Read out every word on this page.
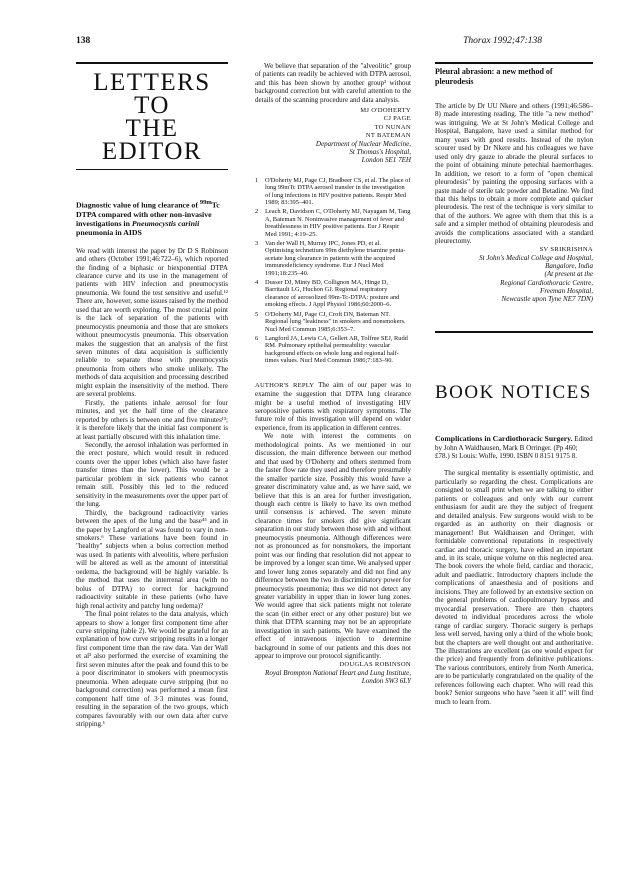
138	Thorax 1992;47:138
LETTERS TO
THE EDITOR
Diagnostic value of lung clearance of $^{99m}$Tc DTPA compared with other non-invasive investigations in Pneumocystis carinii pneumonia in AIDS

We read with interest the paper by Dr D S Robinson and others (October 1991;46:722–6), which reported the finding of a biphasic or biexponential DTPA clearance curve and its use in the management of patients with HIV infection and pneumocystis pneumonia. We found the test sensitive and useful.¹² There are, however, some issues raised by the method used that are worth exploring. The most crucial point is the lack of separation of the patients with pneumocystis pneumonia and those that are smokers without pneumocystis pneumonia. This observation makes the suggestion that an analysis of the first seven minutes of data acquisition is sufficiently reliable to separate those with pneumocystis pneumonia from others who smoke unlikely. The methods of data acquisition and processing described might explain the insensitivity of the method. There are several problems.

Firstly, the patients inhale aerosol for four minutes, and yet the half time of the clearance reported by others is between one and five minutes¹³; it is therefore likely that the initial fast component is at least partially obscured with this inhalation time.

Secondly, the aerosol inhalation was performed in the erect posture, which would result in reduced counts over the upper lobes (which also have faster transfer times than the lower). This would be a particular problem in sick patients who cannot remain still. Possibly this led to the reduced sensitivity in the measurements over the upper part of the lung.

Thirdly, the background radioactivity varies between the apex of the lung and the base⁴⁵ and in the paper by Langford et al was found to vary in non-smokers.⁶ These variations have been found in "healthy" subjects when a bolus correction method was used. In patients with alveolitis, where perfusion will be altered as well as the amount of interstitial oedema, the background will be highly variable. Is the method that uses the interrenal area (with no bolus of DTPA) to correct for background radioactivity suitable in these patients (who have high renal activity and patchy lung oedema)?

The final point relates to the data analysis, which appears to show a longer first component time after curve stripping (table 2). We would be grateful for an explanation of how curve stripping results in a longer first component time than the raw data. Van der Wall et al³ also performed the exercise of examining the first seven minutes after the peak and found this to be a poor discriminator in smokers with pneumocystis pneumonia. When adequate curve stripping (but no background correction) was performed a mean first component half time of 3·3 minutes was found, resulting in the separation of the two groups, which compares favourably with our own data after curve stripping.¹

We believe that separation of the "alveolitic" group of patients can readily be achieved with DTPA aerosol, and this has been shown by another group² without background correction but with careful attention to the details of the scanning procedure and data analysis.

MJ O'DOHERTY
CJ PAGE
TO NUNAN
NT BATEMAN
Department of Nuclear Medicine,
St Thomas's Hospital,
London SE1 7EH
1 O'Doherty MJ, Page CJ, Bradbeer CS, et al. The place of lung 99mTc DTPA aerosol transfer in the investigation of lung infections in HIV positive patients. Respir Med 1989; 83:395–401.
2 Leach R, Davidson C, O'Doherty MJ, Nayagam M, Tang A, Bateman N. Noninvasive management of fever and breathlessness in HIV positive patients. Eur J Respir Med 1991; 4:19–25.
3 Van der Wall H, Murray IPC, Jones PD, et al. Optimising technetium 99m diethylene triamine penta-acetate lung clearance in patients with the acquired immunodeficiency syndrome. Eur J Nucl Med 1991;18:235–40.
4 Dusser DJ, Minty BD, Collignon MA, Hinge D, Barritault LG, Huchon GJ. Regional respiratory clearance of aerosolized 99m-Tc-DTPA: posture and smoking effects. J Appl Physiol 1986;60:2000–6.
5 O'Doherty MJ, Page CJ, Croft DN, Bateman NT. Regional lung "leakiness" in smokers and nonsmokers. Nucl Med Commun 1985;6:353–7.
6 Langford JA, Lewis CA, Gellert AR, Tolfree SEJ, Rudd RM. Pulmonary epithelial permeability: vascular background effects on whole lung and regional half-times values. Nucl Med Commun 1986;7:183–90.

AUTHOR'S REPLY The aim of our paper was to examine the suggestion that DTPA lung clearance might be a useful method of investigating HIV seropositive patients with respiratory symptoms. The future role of this investigation will depend on wider experience, from its application in different centres.

We note with interest the comments on methodological points. As we mentioned in our discussion, the main difference between our method and that used by O'Doherty and others stemmed from the faster flow rate they used and therefore presumably the smaller particle size. Possibly this would have a greater discriminatory value and, as we have said, we believe that this is an area for further investigation, though each centre is likely to have its own method until consensus is achieved. The seven minute clearance times for smokers did give significant separation in our study between those with and without pneumocystis pneumonia. Although differences were not as pronounced as for nonsmokers, the important point was our finding that resolution did not appear to be improved by a longer scan time. We analysed upper and lower lung zones separately and did not find any difference between the two in discriminatory power for pneumocystis pneumonia; thus we did not detect any greater variability in upper than in lower lung zones. We would agree that sick patients might not tolerate the scan (in either erect or any other posture) but we think that DTPA scanning may not be an appropriate investigation in such patients. We have examined the effect of intravenous injection to determine background in some of our patients and this does not appear to improve our protocol significantly.

DOUGLAS ROBINSON
Royal Brompton National Heart and Lung Institute,
London SW3 6LY
Pleural abrasion: a new method of pleurodesis

The article by Dr UU Nkere and others (1991;46:586–8) made interesting reading. The title "a new method" was intriguing. We at St John's Medical College and Hospital, Bangalore, have used a similar method for many years with good results. Instead of the nylon scourer used by Dr Nkere and his colleagues we have used only dry gauze to abrade the pleural surfaces to the point of obtaining minute petechial haemorrhages. In addition, we resort to a form of "open chemical pleurodesis" by painting the opposing surfaces with a paste made of sterile talc powder and Betadine. We find that this helps to obtain a more complete and quicker pleurodesis. The rest of the technique is very similar to that of the authors. We agree with them that this is a safe and a simpler method of obtaining pleurodesis and avoids the complications associated with a standard pleurectomy.

SV SRIKRISHNA
St John's Medical College and Hospital,
Bangalore, India
(At present at the
Regional Cardiothoracic Centre,
Freeman Hospital,
Newcastle upon Tyne NE7 7DN)
BOOK NOTICES

Complications in Cardiothoracic Surgery. Edited by John A Waldhausen, Mark B Orringer. (Pp 460; £78.) St Louis: Wolfe, 1990. ISBN 0 8151 9175 8.

The surgical mentality is essentially optimistic, and particularly so regarding the chest. Complications are consigned to small print when we are talking to either patients or colleagues and only with our current enthusiasm for audit are they the subject of frequent and detailed analysis. Few surgeons would wish to be regarded as an authority on their diagnosis or management! But Waldhausen and Orringer, with formidable conventional reputations in respectively cardiac and thoracic surgery, have edited an important and, in its scale, unique volume on this neglected area. The book covers the whole field, cardiac and thoracic, adult and paediatric. Introductory chapters include the complications of anaesthesia and of positions and incisions. They are followed by an extensive section on the general problems of cardiopulmonary bypass and myocardial preservation. There are then chapters devoted to individual procedures across the whole range of cardiac surgery. Thoracic surgery is perhaps less well served, having only a third of the whole book; but the chapters are well thought out and authoritative. The illustrations are excellent (as one would expect for the price) and frequently from definitive publications. The various contributors, entirely from North America, are to be particularly congratulated on the quality of the references following each chapter. Who will read this book? Senior surgeons who have "seen it all" will find much to learn from.
